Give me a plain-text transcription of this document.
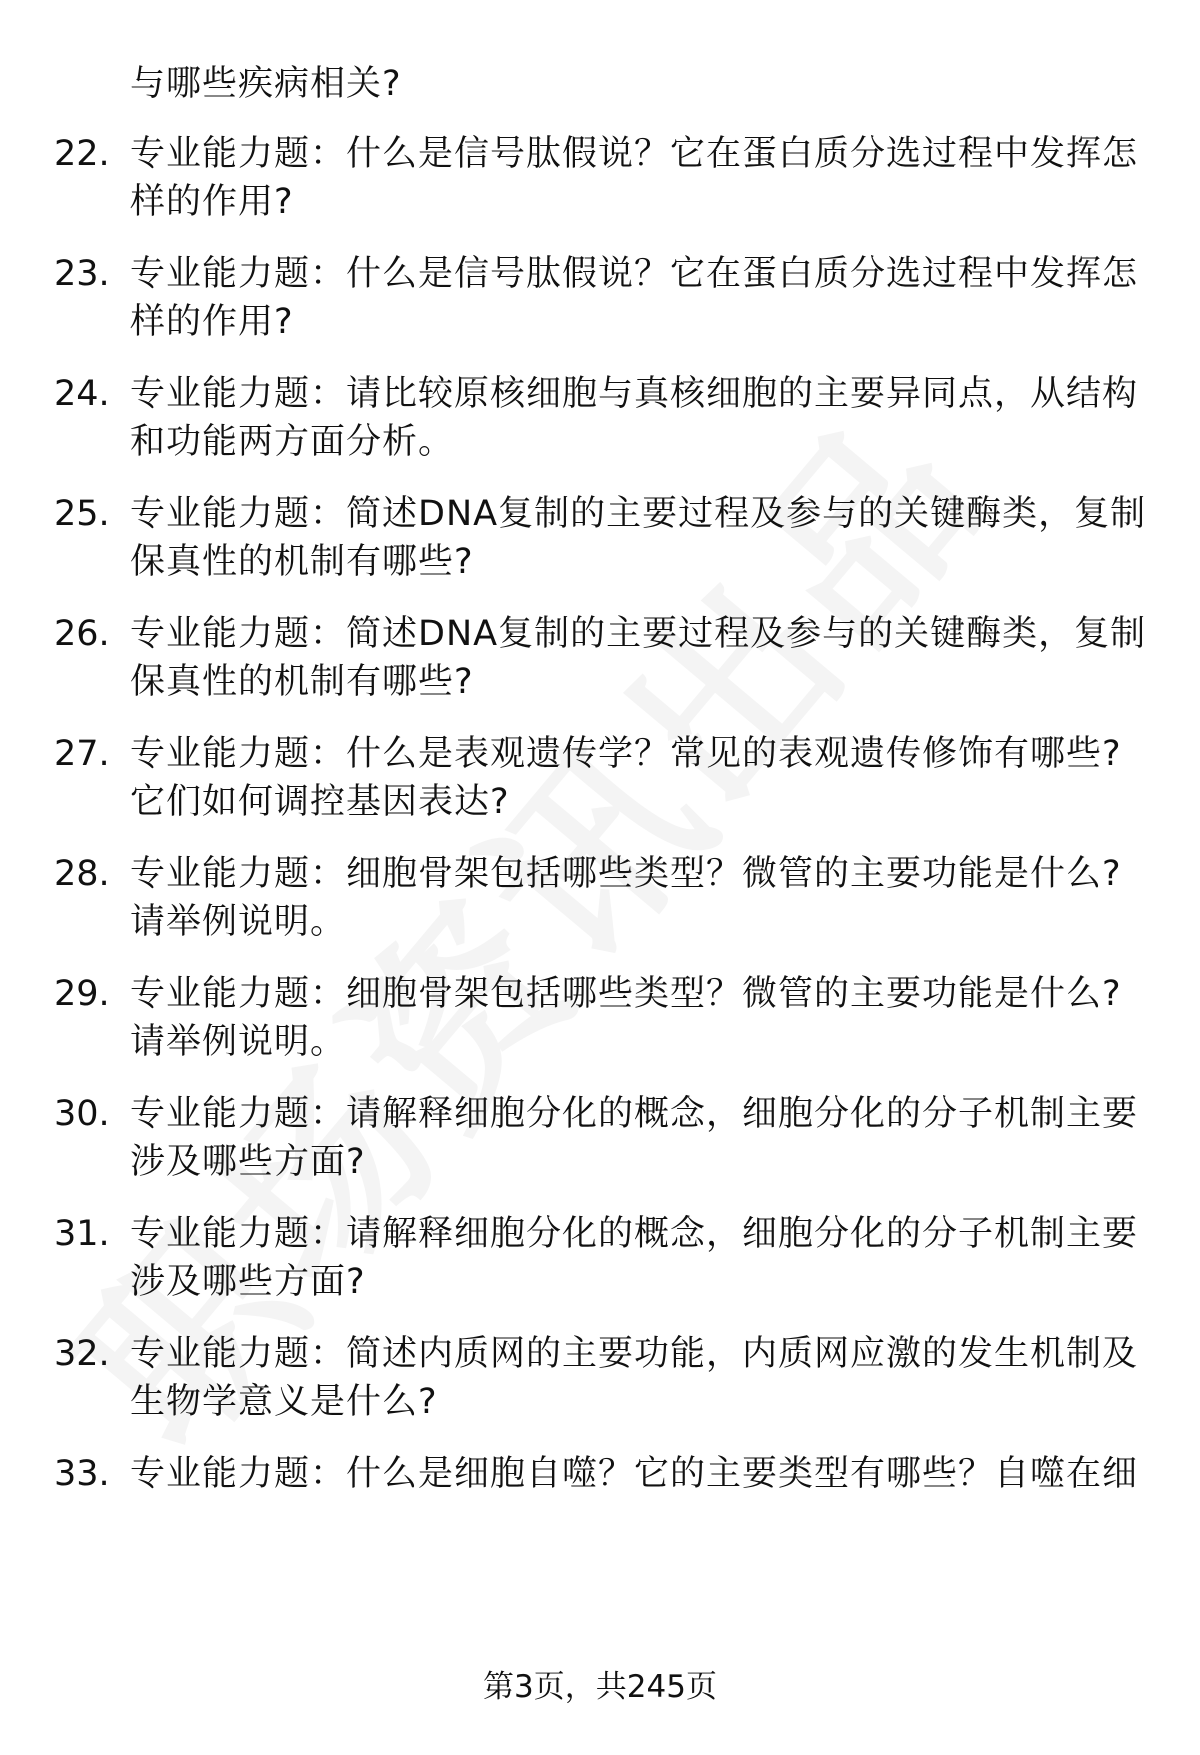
与哪些疾病相关?
22. 专业能力题：什么是信号肽假说？它在蛋白质分选过程中发挥怎
样的作用?
23. 专业能力题：什么是信号肽假说？它在蛋白质分选过程中发挥怎
样的作用?
24. 专业能力题：请比较原核细胞与真核细胞的主要异同点，从结构
和功能两方面分析。
25. 专业能力题：简述DNA复制的主要过程及参与的关键酶类，复制
保真性的机制有哪些?
26. 专业能力题：简述DNA复制的主要过程及参与的关键酶类，复制
保真性的机制有哪些?
27. 专业能力题：什么是表观遗传学？常见的表观遗传修饰有哪些?
它们如何调控基因表达?
28. 专业能力题：细胞骨架包括哪些类型？微管的主要功能是什么?
请举例说明。
29. 专业能力题：细胞骨架包括哪些类型？微管的主要功能是什么?
请举例说明。
30. 专业能力题：请解释细胞分化的概念，细胞分化的分子机制主要
涉及哪些方面?
31. 专业能力题：请解释细胞分化的概念，细胞分化的分子机制主要
涉及哪些方面?
32. 专业能力题：简述内质网的主要功能，内质网应激的发生机制及
生物学意义是什么?
33. 专业能力题：什么是细胞自噬？它的主要类型有哪些？自噬在细
第3页，共245页
